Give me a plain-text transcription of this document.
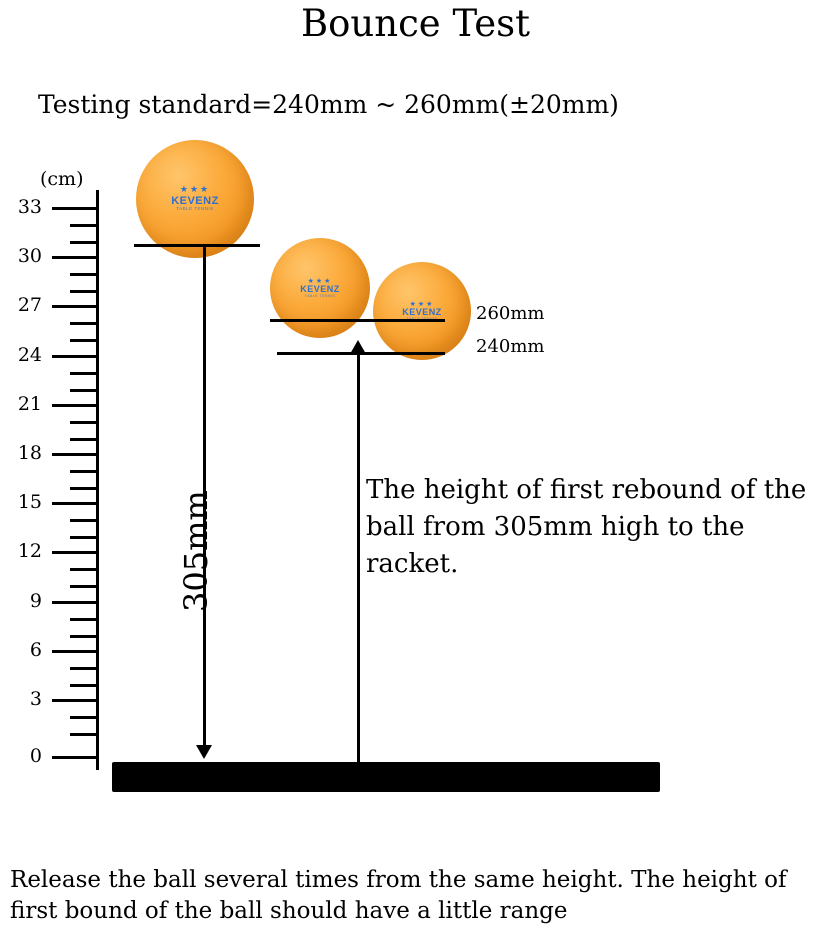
Bounce Test
Testing standard=240mm ~ 260mm(±20mm)
(cm)
33
30
27
24
21
18
15
12
9
6
3
0
★★★
KEVENZ
TABLE TENNIS
★★★
KEVENZ
TABLE TENNIS
★★★
KEVENZ 260mm
240mm
305mm
The height of first rebound of the ball from 305mm high to the racket.
Release the ball several times from the same height. The height of first bound of the ball should have a little range
